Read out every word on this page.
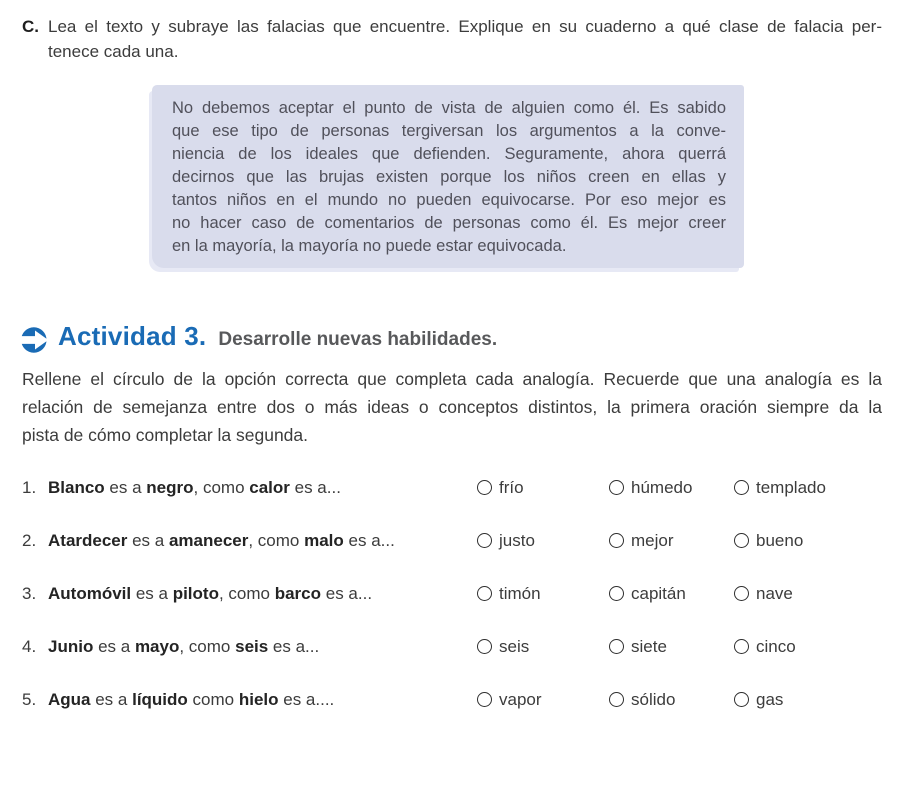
C. Lea el texto y subraye las falacias que encuentre. Explique en su cuaderno a qué clase de falacia per-
tenece cada una.
No debemos aceptar el punto de vista de alguien como él. Es sabido
que ese tipo de personas tergiversan los argumentos a la conve-
niencia de los ideales que defienden. Seguramente, ahora querrá
decirnos que las brujas existen porque los niños creen en ellas y
tantos niños en el mundo no pueden equivocarse. Por eso mejor es
no hacer caso de comentarios de personas como él. Es mejor creer
en la mayoría, la mayoría no puede estar equivocada.
Actividad 3. Desarrolle nuevas habilidades.
Rellene el círculo de la opción correcta que completa cada analogía. Recuerde que una analogía es la
relación de semejanza entre dos o más ideas o conceptos distintos, la primera oración siempre da la
pista de cómo completar la segunda.
1. Blanco es a negro, como calor es a...	frío	húmedo	templado
2. Atardecer es a amanecer, como malo es a...	justo	mejor	bueno
3. Automóvil es a piloto, como barco es a...	timón	capitán	nave
4. Junio es a mayo, como seis es a...	seis	siete	cinco
5. Agua es a líquido como hielo es a....	vapor	sólido	gas
